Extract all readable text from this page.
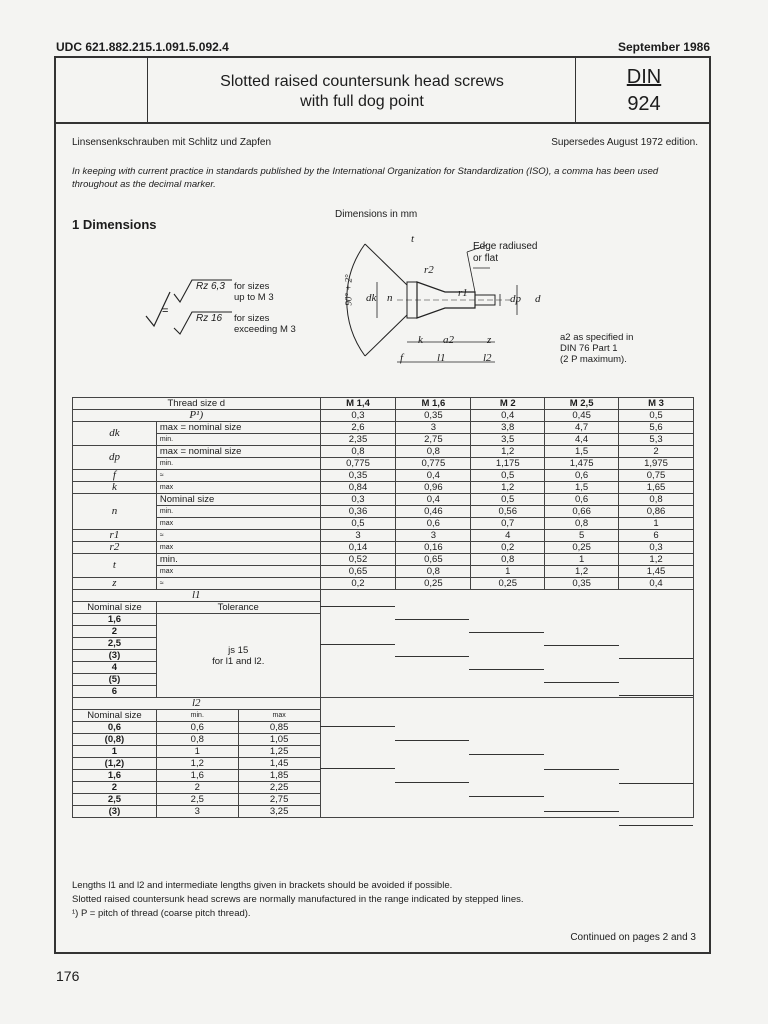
UDC 621.882.215.1.091.5.092.4	September 1986
Slotted raised countersunk head screws
with full dog point
DIN
924
Linsensenkschrauben mit Schlitz und Zapfen	Supersedes August 1972 edition.
In keeping with current practice in standards published by the International Organization for Standardization (ISO), a comma has been used throughout as the decimal marker.
Dimensions in mm
1 Dimensions
=
Rz 6,3 for sizes
up to M 3
Rz 16 for sizes
exceeding M 3
Edge radiused
or flat
90° + 2° dk n	r1	dp d
k a2	z
f	l1	l2
t
r2
a2 as specified in
DIN 76 Part 1
(2 P maximum).
Thread size d			M 1,4	M 1,6	M 2	M 2,5	M 3
P¹)			0,3	0,35	0,4	0,45	0,5
dk	max = nominal size		2,6	3	3,8	4,7	5,6
	min.		2,35	2,75	3,5	4,4	5,3
dp	max = nominal size		0,8	0,8	1,2	1,5	2
	min.		0,775	0,775	1,175	1,475	1,975
f	≈		0,35	0,4	0,5	0,6	0,75
k	max		0,84	0,96	1,2	1,5	1,65
n	Nominal size		0,3	0,4	0,5	0,6	0,8
	min.		0,36	0,46	0,56	0,66	0,86
	max		0,5	0,6	0,7	0,8	1
r1	≈		3	3	4	5	6
r2	max		0,14	0,16	0,2	0,25	0,3
t	min.		0,52	0,65	0,8	1	1,2
	max		0,65	0,8	1	1,2	1,45
z	≈		0,2	0,25	0,25	0,35	0,4
l1							
Nominal size	Tolerance						
1,6	js 15
for l1 and l2.						

2							
2,5							
(3)							
4							
(5)							
6							
l2							
Nominal size	min.	max					
0,6	0,6	0,85					
(0,8)	0,8	1,05					
1	1	1,25					
(1,2)	1,2	1,45					
1,6	1,6	1,85					
2	2	2,25					
2,5	2,5	2,75					
(3)	3	3,25					
Lengths l1 and l2 and intermediate lengths given in brackets should be avoided if possible.
Slotted raised countersunk head screws are normally manufactured in the range indicated by stepped lines.
¹) P = pitch of thread (coarse pitch thread).
Continued on pages 2 and 3
176
